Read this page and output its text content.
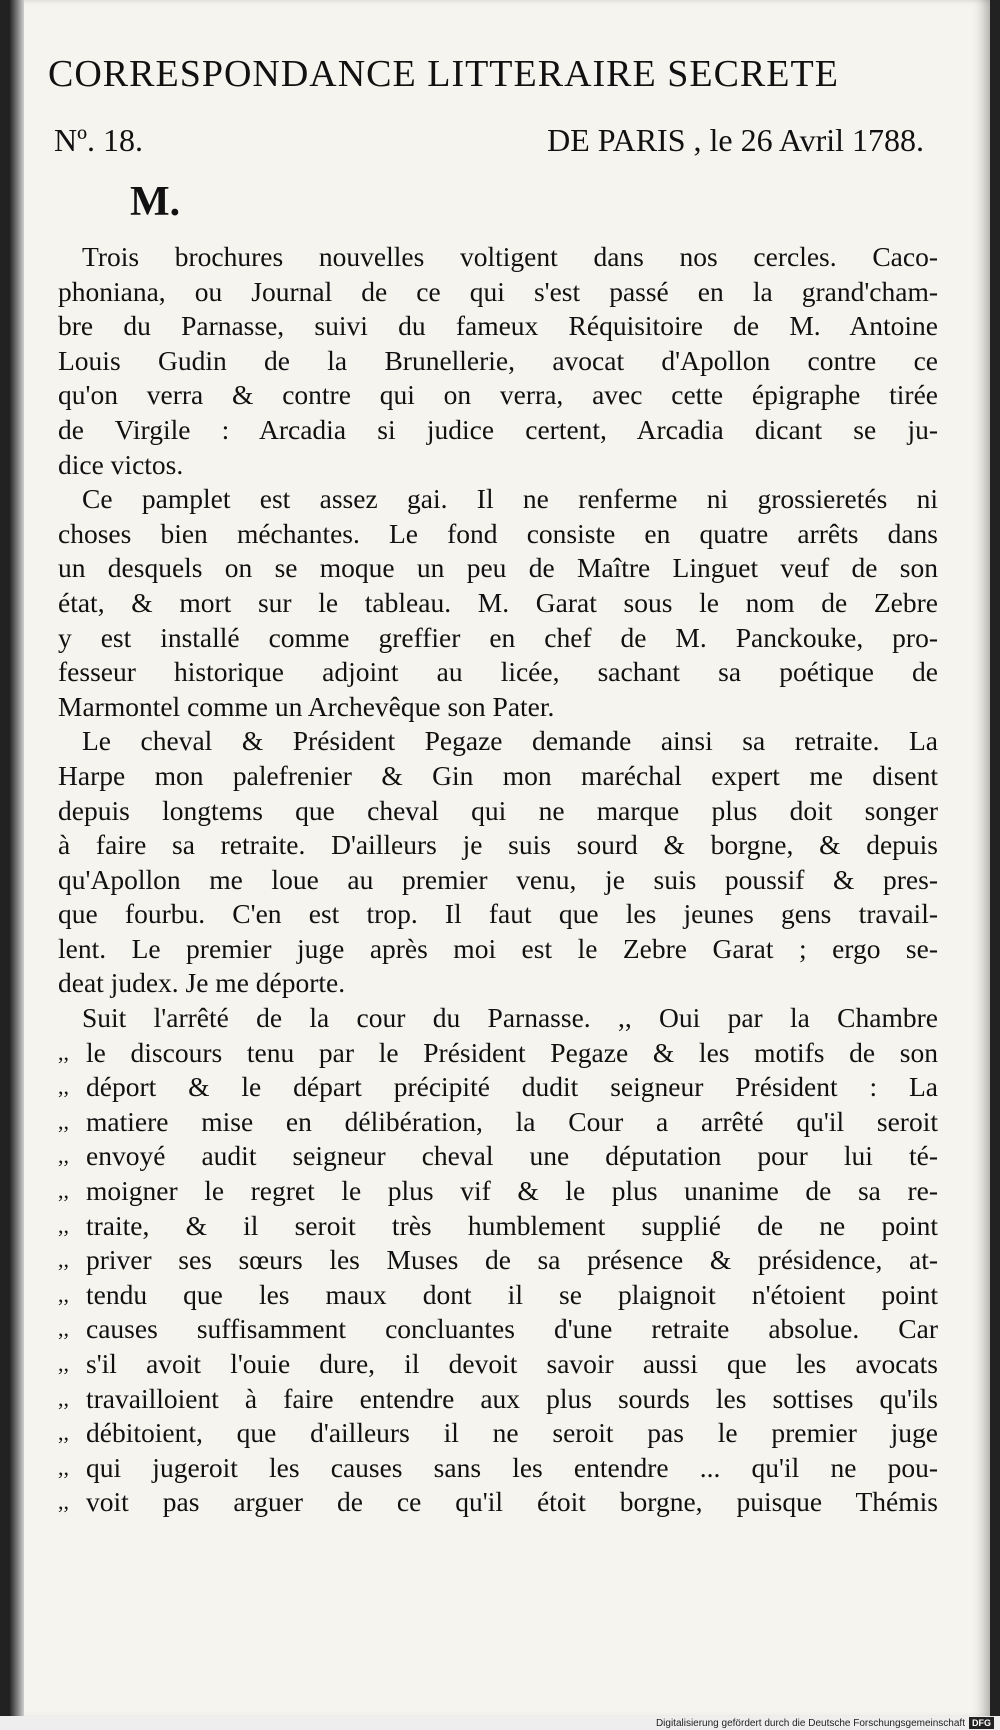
CORRESPONDANCE LITTERAIRE SECRETE
Nº. 18.	DE PARIS , le 26 Avril 1788.
M.

Trois brochures nouvelles voltigent dans nos cercles. Caco-
phoniana, ou Journal de ce qui s'est passé en la grand'cham-
bre du Parnasse, suivi du fameux Réquisitoire de M. Antoine
Louis Gudin de la Brunellerie, avocat d'Apollon contre ce
qu'on verra & contre qui on verra, avec cette épigraphe tirée
de Virgile : Arcadia si judice certent, Arcadia dicant se ju-
dice victos.

Ce pamplet est assez gai. Il ne renferme ni grossieretés ni
choses bien méchantes. Le fond consiste en quatre arrêts dans
un desquels on se moque un peu de Maître Linguet veuf de son
état, & mort sur le tableau. M. Garat sous le nom de Zebre
y est installé comme greffier en chef de M. Panckouke, pro-
fesseur historique adjoint au licée, sachant sa poétique de
Marmontel comme un Archevêque son Pater.

Le cheval & Président Pegaze demande ainsi sa retraite. La
Harpe mon palefrenier & Gin mon maréchal expert me disent
depuis longtems que cheval qui ne marque plus doit songer
à faire sa retraite. D'ailleurs je suis sourd & borgne, & depuis
qu'Apollon me loue au premier venu, je suis poussif & pres-
que fourbu. C'en est trop. Il faut que les jeunes gens travail-
lent. Le premier juge après moi est le Zebre Garat ; ergo se-
deat judex. Je me déporte.

Suit l'arrêté de la cour du Parnasse. ,, Oui par la Chambre
,, le discours tenu par le Président Pegaze & les motifs de son
,, déport & le départ précipité dudit seigneur Président : La
,, matiere mise en délibération, la Cour a arrêté qu'il seroit
,, envoyé audit seigneur cheval une députation pour lui té-
,, moigner le regret le plus vif & le plus unanime de sa re-
,, traite, & il seroit très humblement supplié de ne point
,, priver ses sœurs les Muses de sa présence & présidence, at-
,, tendu que les maux dont il se plaignoit n'étoient point
,, causes suffisamment concluantes d'une retraite absolue. Car
,, s'il avoit l'ouie dure, il devoit savoir aussi que les avocats
,, travailloient à faire entendre aux plus sourds les sottises qu'ils
,, débitoient, que d'ailleurs il ne seroit pas le premier juge
,, qui jugeroit les causes sans les entendre ... qu'il ne pou-
,, voit pas arguer de ce qu'il étoit borgne, puisque Thémis

Digitalisierung gefördert durch die Deutsche Forschungsgemeinschaft DFG
